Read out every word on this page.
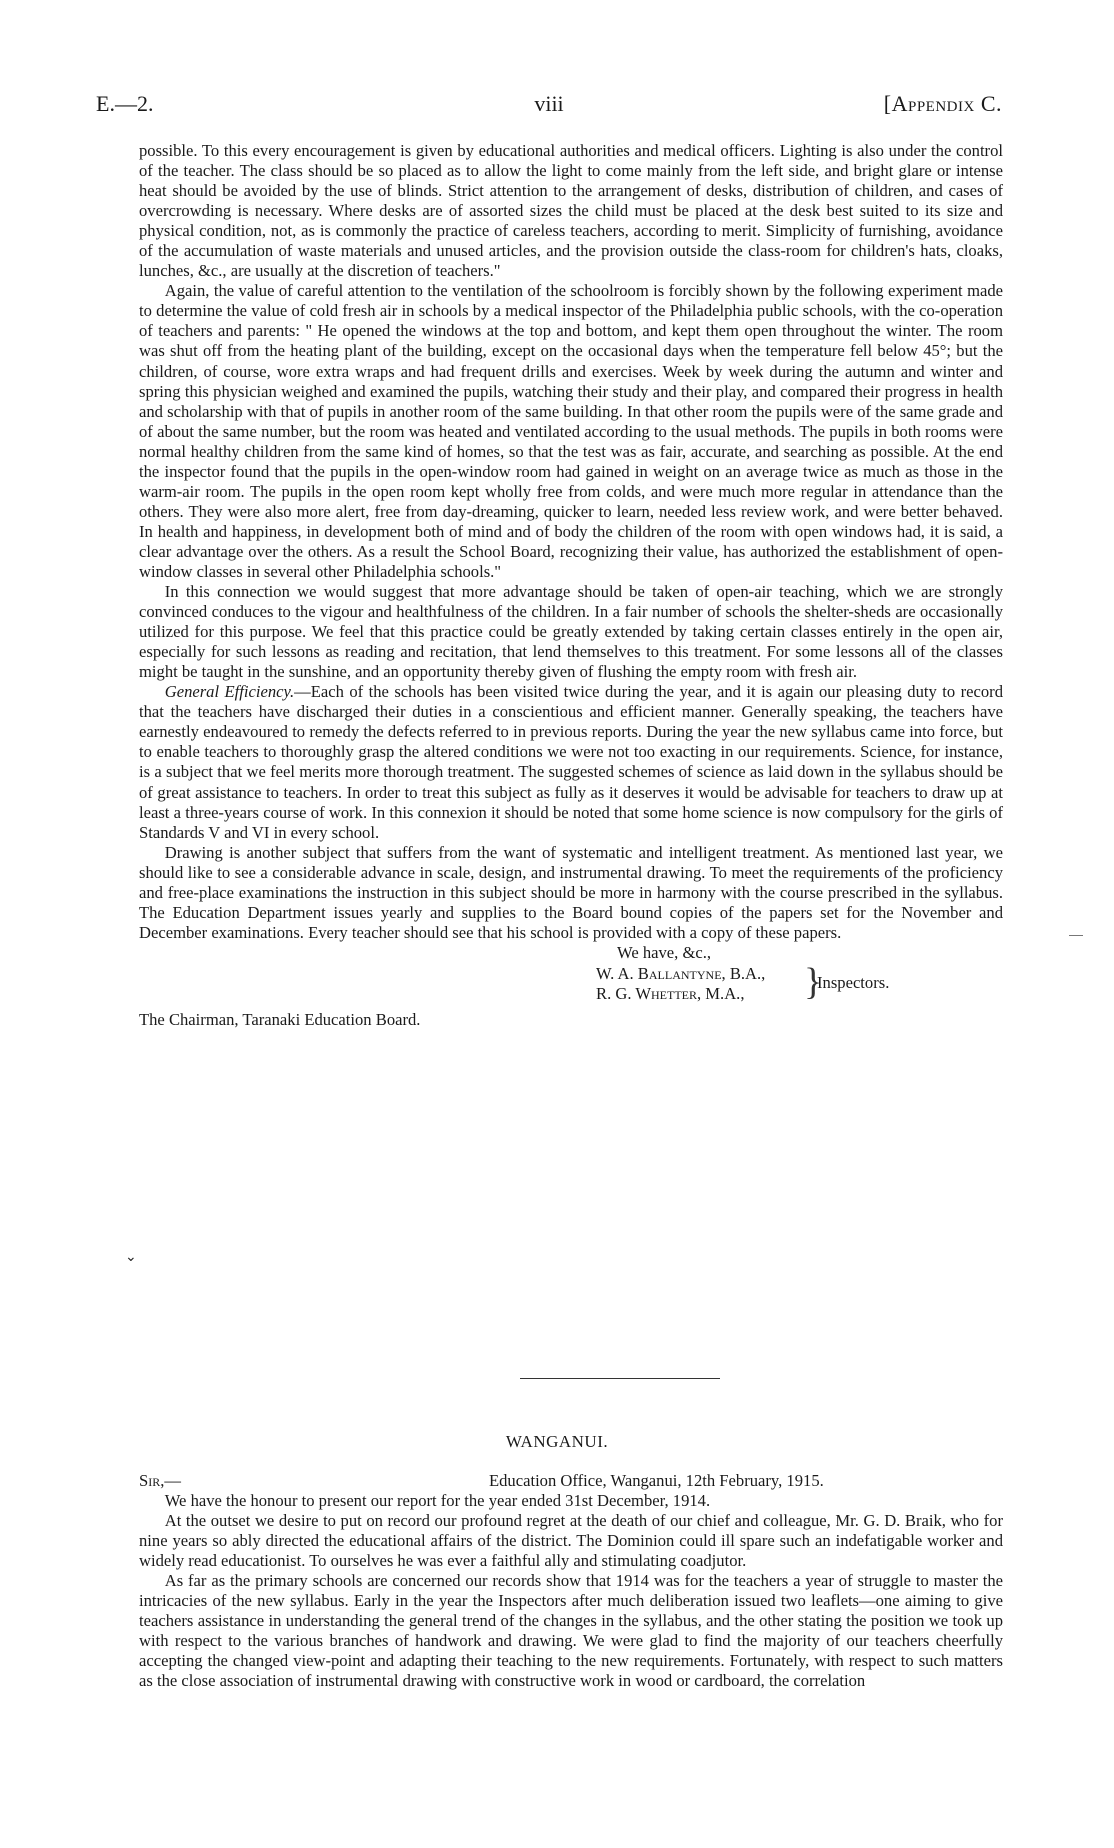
E.—2.	viii	[Appendix C.

possible. To this every encouragement is given by educational authorities and medical officers. Lighting is also under the control of the teacher. The class should be so placed as to allow the light to come mainly from the left side, and bright glare or intense heat should be avoided by the use of blinds. Strict attention to the arrangement of desks, distribution of children, and cases of overcrowding is necessary. Where desks are of assorted sizes the child must be placed at the desk best suited to its size and physical condition, not, as is commonly the practice of careless teachers, according to merit. Simplicity of furnishing, avoidance of the accumulation of waste materials and unused articles, and the provision outside the class-room for children's hats, cloaks, lunches, &c., are usually at the discretion of teachers."

Again, the value of careful attention to the ventilation of the schoolroom is forcibly shown by the following experiment made to determine the value of cold fresh air in schools by a medical inspector of the Philadelphia public schools, with the co-operation of teachers and parents: " He opened the windows at the top and bottom, and kept them open throughout the winter. The room was shut off from the heating plant of the building, except on the occasional days when the temperature fell below 45°; but the children, of course, wore extra wraps and had frequent drills and exercises. Week by week during the autumn and winter and spring this physician weighed and examined the pupils, watching their study and their play, and compared their progress in health and scholarship with that of pupils in another room of the same building. In that other room the pupils were of the same grade and of about the same number, but the room was heated and ventilated according to the usual methods. The pupils in both rooms were normal healthy children from the same kind of homes, so that the test was as fair, accurate, and searching as possible. At the end the inspector found that the pupils in the open-window room had gained in weight on an average twice as much as those in the warm-air room. The pupils in the open room kept wholly free from colds, and were much more regular in attendance than the others. They were also more alert, free from day-dreaming, quicker to learn, needed less review work, and were better behaved. In health and happiness, in development both of mind and of body the children of the room with open windows had, it is said, a clear advantage over the others. As a result the School Board, recognizing their value, has authorized the establishment of open-window classes in several other Philadelphia schools."

In this connection we would suggest that more advantage should be taken of open-air teaching, which we are strongly convinced conduces to the vigour and healthfulness of the children. In a fair number of schools the shelter-sheds are occasionally utilized for this purpose. We feel that this practice could be greatly extended by taking certain classes entirely in the open air, especially for such lessons as reading and recitation, that lend themselves to this treatment. For some lessons all of the classes might be taught in the sunshine, and an opportunity thereby given of flushing the empty room with fresh air.

General Efficiency.—Each of the schools has been visited twice during the year, and it is again our pleasing duty to record that the teachers have discharged their duties in a conscientious and efficient manner. Generally speaking, the teachers have earnestly endeavoured to remedy the defects referred to in previous reports. During the year the new syllabus came into force, but to enable teachers to thoroughly grasp the altered conditions we were not too exacting in our requirements. Science, for instance, is a subject that we feel merits more thorough treatment. The suggested schemes of science as laid down in the syllabus should be of great assistance to teachers. In order to treat this subject as fully as it deserves it would be advisable for teachers to draw up at least a three-years course of work. In this connexion it should be noted that some home science is now compulsory for the girls of Standards V and VI in every school.

Drawing is another subject that suffers from the want of systematic and intelligent treatment. As mentioned last year, we should like to see a considerable advance in scale, design, and instrumental drawing. To meet the requirements of the proficiency and free-place examinations the instruction in this subject should be more in harmony with the course prescribed in the syllabus. The Education Department issues yearly and supplies to the Board bound copies of the papers set for the November and December examinations. Every teacher should see that his school is provided with a copy of these papers.

We have, &c.,
W. A. Ballantyne, B.A.,
R. G. Whetter, M.A., }
Inspectors.
The Chairman, Taranaki Education Board.
WANGANUI.
Sir,—	Education Office, Wanganui, 12th February, 1915.

We have the honour to present our report for the year ended 31st December, 1914.

At the outset we desire to put on record our profound regret at the death of our chief and colleague, Mr. G. D. Braik, who for nine years so ably directed the educational affairs of the district. The Dominion could ill spare such an indefatigable worker and widely read educationist. To ourselves he was ever a faithful ally and stimulating coadjutor.

As far as the primary schools are concerned our records show that 1914 was for the teachers a year of struggle to master the intricacies of the new syllabus. Early in the year the Inspectors after much deliberation issued two leaflets—one aiming to give teachers assistance in understanding the general trend of the changes in the syllabus, and the other stating the position we took up with respect to the various branches of handwork and drawing. We were glad to find the majority of our teachers cheerfully accepting the changed view-point and adapting their teaching to the new requirements. Fortunately, with respect to such matters as the close association of instrumental drawing with constructive work in wood or cardboard, the correlation

⌄
